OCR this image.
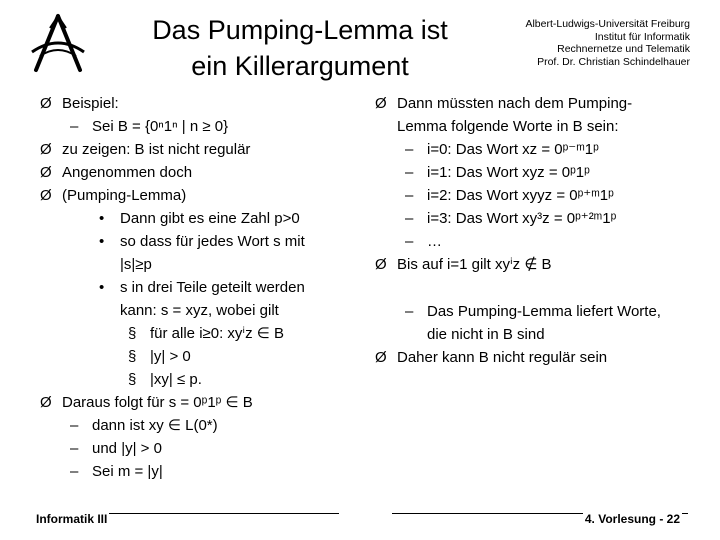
Das Pumping-Lemma ist
ein Killerargument
Albert-Ludwigs-Universität Freiburg
Institut für Informatik
Rechnernetze und Telematik
Prof. Dr. Christian Schindelhauer
Ø Beispiel:
– Sei B = {0ⁿ1ⁿ | n ≥ 0}
Ø zu zeigen: B ist nicht regulär
Ø Angenommen doch
Ø (Pumping-Lemma)
• Dann gibt es eine Zahl p>0
• so dass für jedes Wort s mit
|s|≥p
• s in drei Teile geteilt werden
kann: s = xyz, wobei gilt
§ für alle i≥0: xyⁱz ∈ B
§ |y| > 0
§ |xy| ≤ p.
Ø Daraus folgt für s = 0ᵖ1ᵖ ∈ B
– dann ist xy ∈ L(0*)
– und |y| > 0
– Sei m = |y|
Ø Dann müssten nach dem Pumping-
Lemma folgende Worte in B sein:
– i=0: Das Wort xz = 0ᵖ⁻ᵐ1ᵖ
– i=1: Das Wort xyz = 0ᵖ1ᵖ
– i=2: Das Wort xyyz = 0ᵖ⁺ᵐ1ᵖ
– i=3: Das Wort xy³z = 0ᵖ⁺²ᵐ1ᵖ
– …
Ø Bis auf i=1 gilt xyⁱz ∉ B
– Das Pumping-Lemma liefert Worte,
die nicht in B sind
Ø Daher kann B nicht regulär sein
Informatik III	4. Vorlesung - 22
